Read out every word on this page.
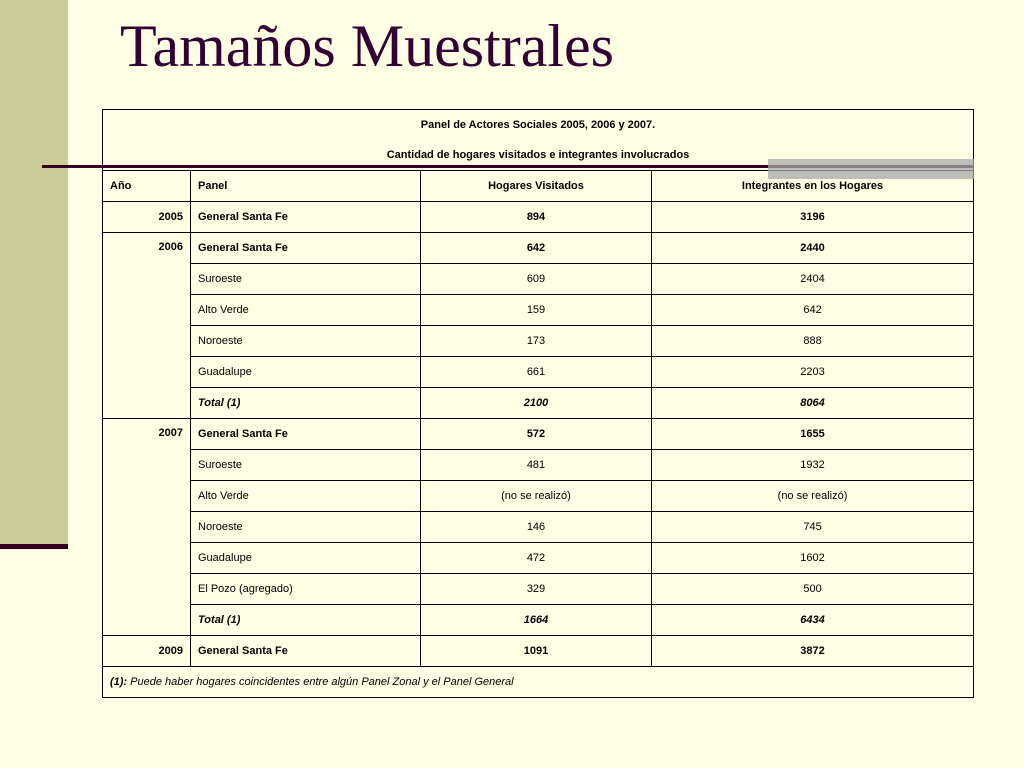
Tamaños Muestrales
Panel de Actores Sociales 2005, 2006 y 2007.
Cantidad de hogares visitados e integrantes involucrados			

Año	Panel	Hogares Visitados	Integrantes en los Hogares
2005	General Santa Fe	894	3196
2006	General Santa Fe	642	2440
	Suroeste	609	2404
	Alto Verde	159	642
	Noroeste	173	888
	Guadalupe	661	2203
	Total (1)	2100	8064
2007	General Santa Fe	572	1655
	Suroeste	481	1932
	Alto Verde	(no se realizó)	(no se realizó)
	Noroeste	146	745
	Guadalupe	472	1602
	El Pozo (agregado)	329	500
	Total (1)	1664	6434
2009	General Santa Fe	1091	3872
(1): Puede haber hogares coincidentes entre algún Panel Zonal y el Panel General			
